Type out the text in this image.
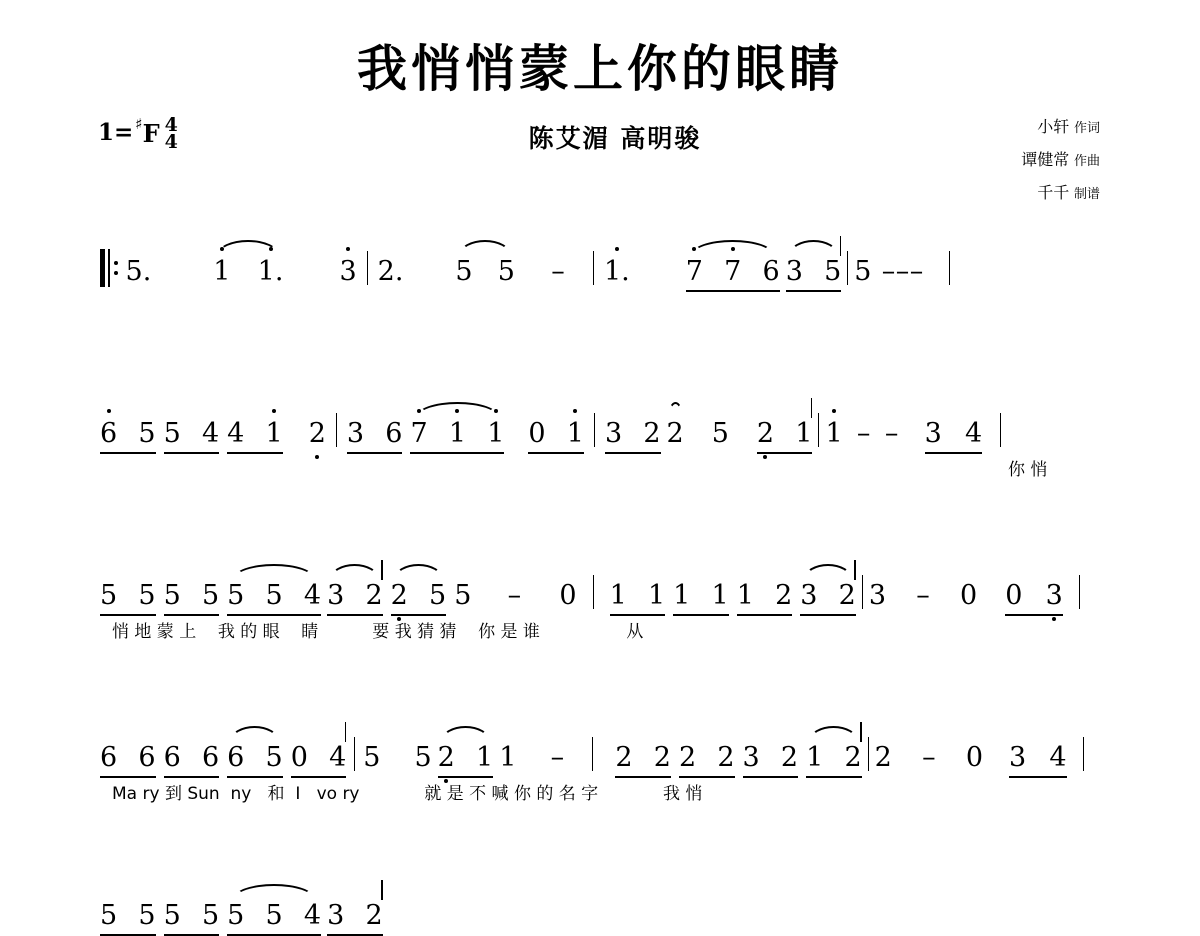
我悄悄蒙上你的眼睛
1 = ♯ F 4
4	陈艾湄 高明骏	小轩 作词
谭健常 作曲
千千 制谱
5. 1 1. 3 2. 5 5 – 1. 7 7 6 3 5 5 – – –
6 5 5 4 4 1 2 3 6 7 1 1 0 1 3 2 2 5 2 1 1 – – 3 4
你 悄
5 5 5 5 5 5 4 3 2 2 5 5 – 0 1 1 1 1 1 2 3 2 3 – 0 0 3
悄 地 蒙 上    我 的 眼    睛          要 我 猜 猜    你 是 谁                从
6 6 6 6 6 5 0 4 5 5 2 1 1 – 2 2 2 2 3 2 1 2 2 – 0 3 4
Ma ry 到 Sun  ny   和  I   vo ry            就 是 不 喊 你 的 名 字            我 悄
5 5 5 5 5 5 4 3 2
